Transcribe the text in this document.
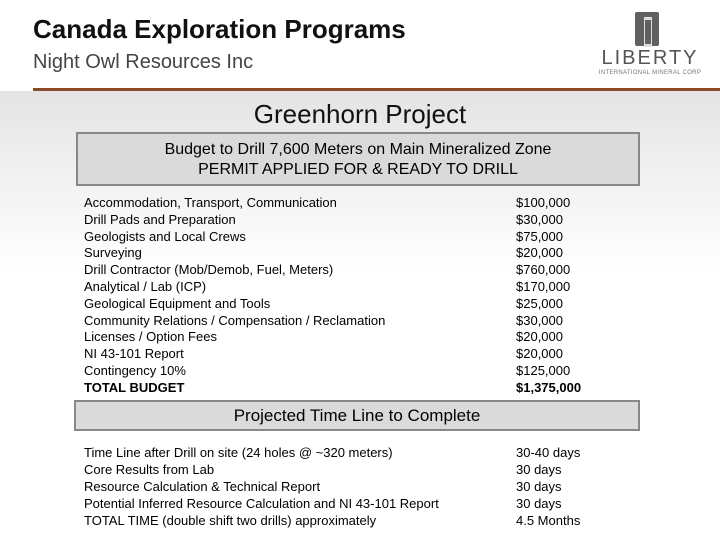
Canada Exploration Programs
Night Owl Resources Inc	LIBERTY
INTERNATIONAL MINERAL CORP
Greenhorn Project
Budget to Drill 7,600 Meters on Main Mineralized Zone
PERMIT APPLIED FOR & READY TO DRILL
Accommodation, Transport, Communication	$100,000
Drill Pads and Preparation	$30,000
Geologists and Local Crews	$75,000
Surveying	$20,000
Drill Contractor (Mob/Demob, Fuel, Meters)	$760,000
Analytical / Lab (ICP)	$170,000
Geological Equipment and Tools	$25,000
Community Relations / Compensation / Reclamation	$30,000
Licenses / Option Fees	$20,000
NI 43-101 Report	$20,000
Contingency 10%	$125,000
TOTAL BUDGET	$1,375,000
Projected Time Line to Complete
Time Line after Drill on site (24 holes @ ~320 meters)	30-40 days
Core Results from Lab	30 days
Resource Calculation & Technical Report	30 days
Potential Inferred Resource Calculation and NI 43-101 Report	30 days
TOTAL TIME (double shift two drills) approximately	4.5 Months
